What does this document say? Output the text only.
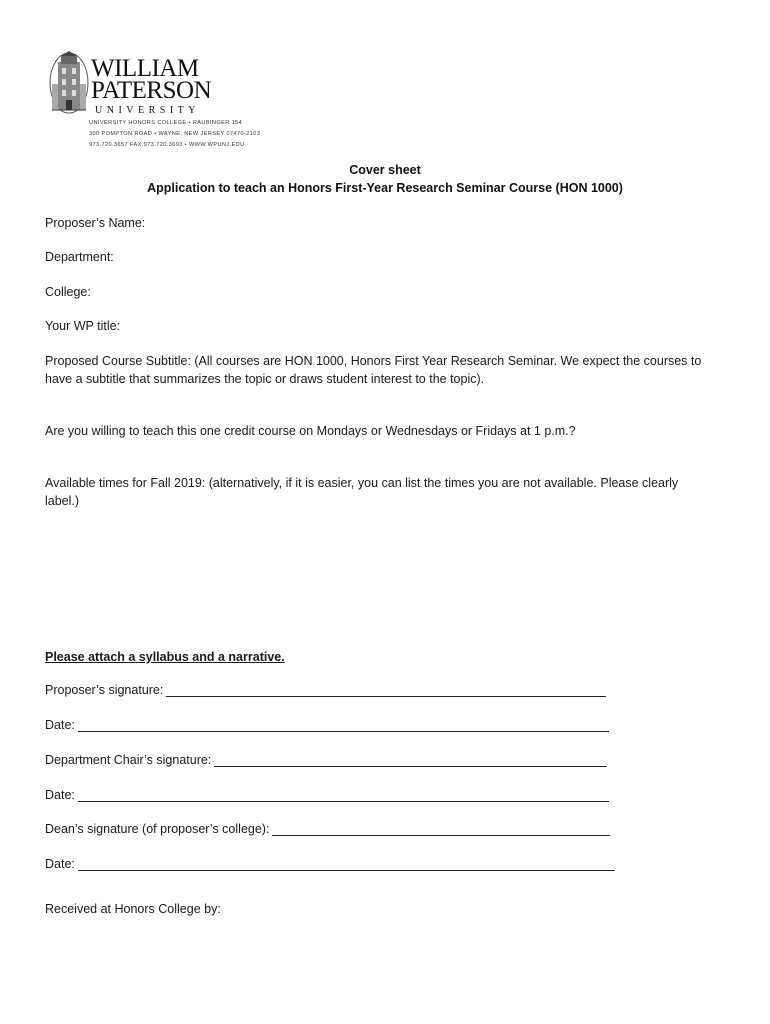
WILLIAM
PATERSON
UNIVERSITY
UNIVERSITY HONORS COLLEGE • RAUBINGER 154
300 POMPTON ROAD • WAYNE, NEW JERSEY 07470-2103
973.720.3657 FAX 973.720.3693 • WWW.WPUNJ.EDU
Cover sheet
Application to teach an Honors First-Year Research Seminar Course (HON 1000)
Proposer’s Name:
Department:
College:
Your WP title:
Proposed Course Subtitle: (All courses are HON 1000, Honors First Year Research Seminar. We expect the courses to have a subtitle that summarizes the topic or draws student interest to the topic).
Are you willing to teach this one credit course on Mondays or Wednesdays or Fridays at 1 p.m.?
Available times for Fall 2019: (alternatively, if it is easier, you can list the times you are not available. Please clearly label.)
Please attach a syllabus and a narrative.
Proposer’s signature:
Date:
Department Chair’s signature:
Date:
Dean’s signature (of proposer’s college):
Date:
Received at Honors College by:
